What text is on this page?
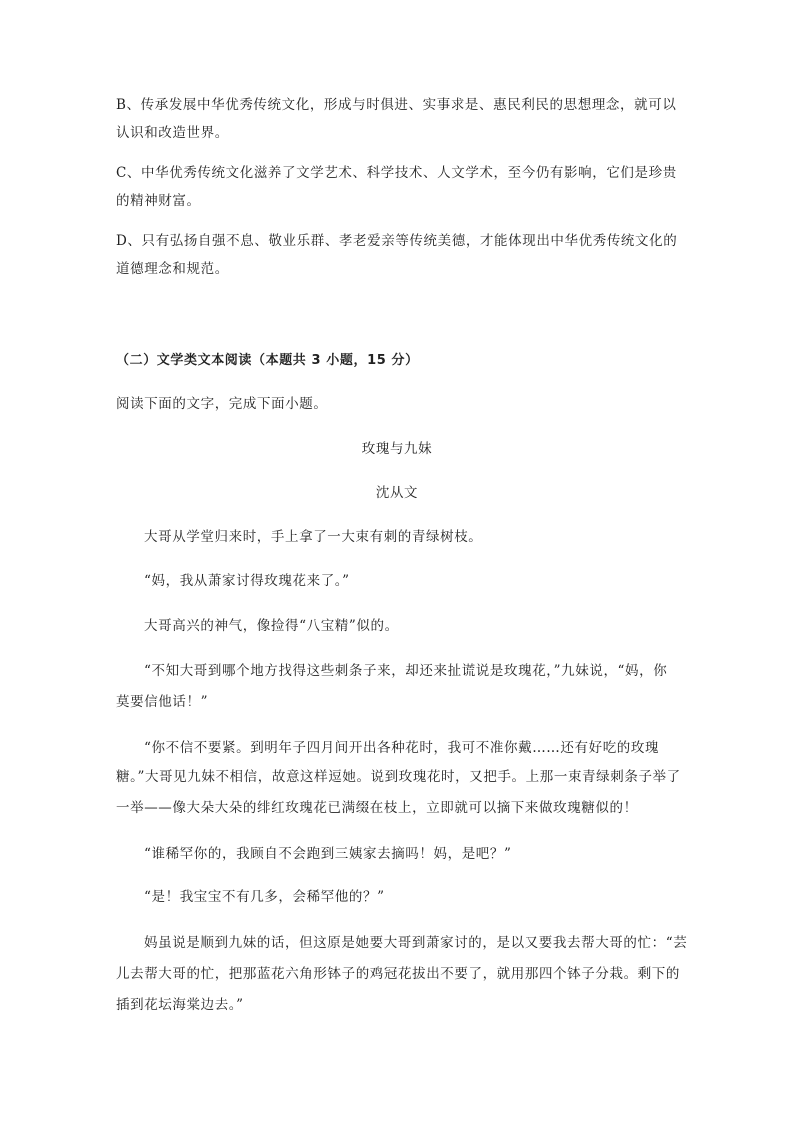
B、传承发展中华优秀传统文化，形成与时俱进、实事求是、惠民利民的思想理念，就可以
认识和改造世界。
C、中华优秀传统文化滋养了文学艺术、科学技术、人文学术，至今仍有影响，它们是珍贵
的精神财富。
D、只有弘扬自强不息、敬业乐群、孝老爱亲等传统美德，才能体现出中华优秀传统文化的
道德理念和规范。
（二）文学类文本阅读（本题共 3 小题，15 分）
阅读下面的文字，完成下面小题。
玫瑰与九妹
沈从文
大哥从学堂归来时，手上拿了一大束有刺的青绿树枝。
“妈，我从萧家讨得玫瑰花来了。”
大哥高兴的神气，像捡得“八宝精”似的。
“不知大哥到哪个地方找得这些刺条子来，却还来扯谎说是玫瑰花，”九妹说，“妈，你
莫要信他话！”
“你不信不要紧。到明年子四月间开出各种花时，我可不准你戴……还有好吃的玫瑰
糖。”大哥见九妹不相信，故意这样逗她。说到玫瑰花时，又把手。上那一束青绿刺条子举了
一举——像大朵大朵的绯红玫瑰花已满缀在枝上，立即就可以摘下来做玫瑰糖似的！
“谁稀罕你的，我顾自不会跑到三姨家去摘吗！妈，是吧？”
“是！我宝宝不有几多，会稀罕他的？”
妈虽说是顺到九妹的话，但这原是她要大哥到萧家讨的，是以又要我去帮大哥的忙：“芸
儿去帮大哥的忙，把那蓝花六角形钵子的鸡冠花拔出不要了，就用那四个钵子分栽。剩下的
插到花坛海棠边去。”
